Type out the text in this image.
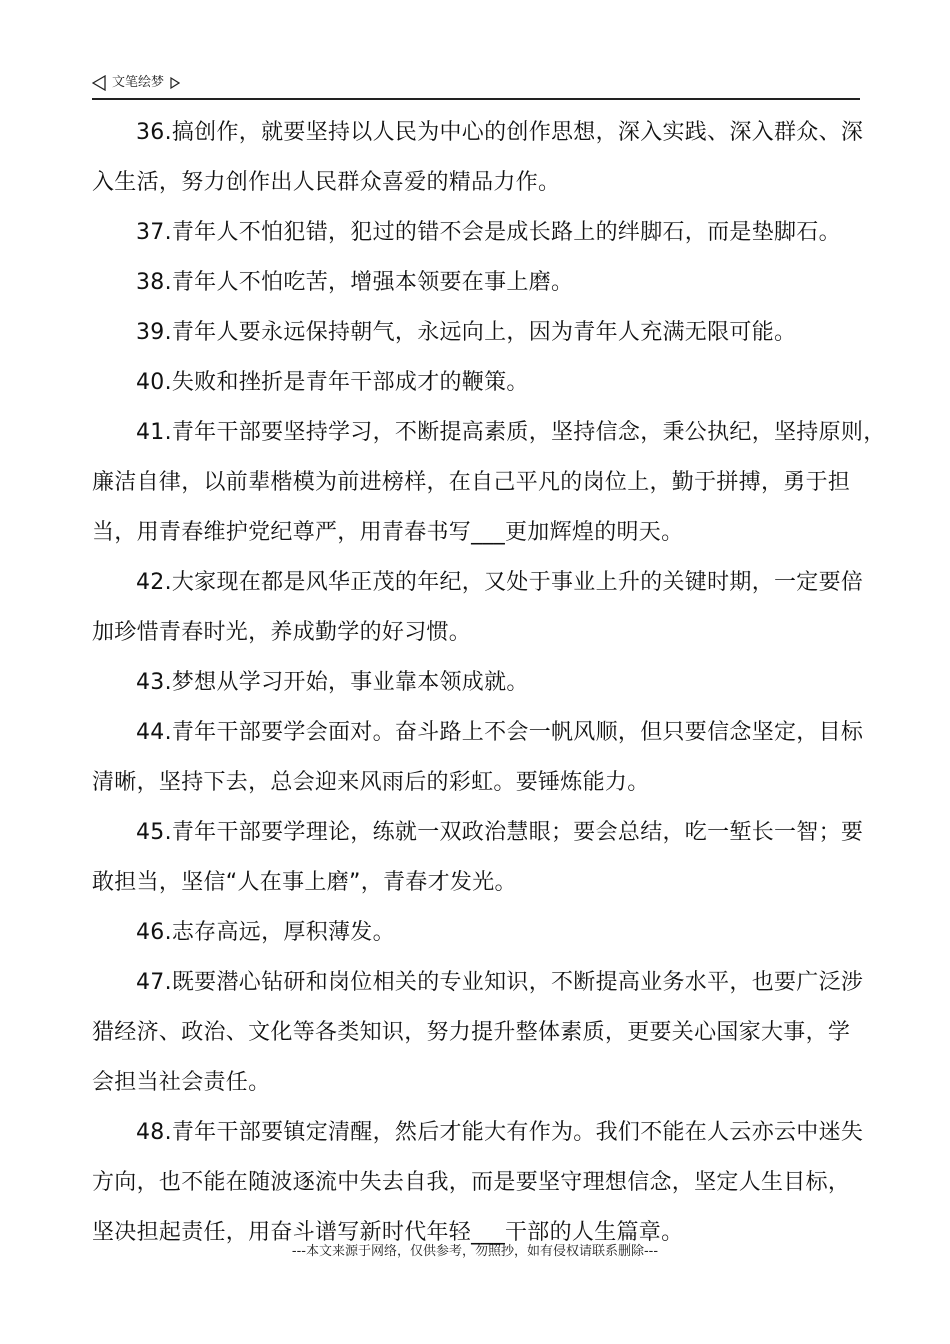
文笔绘梦
36.搞创作，就要坚持以人民为中心的创作思想，深入实践、深入群众、深
入生活，努力创作出人民群众喜爱的精品力作。
37.青年人不怕犯错，犯过的错不会是成长路上的绊脚石，而是垫脚石。
38.青年人不怕吃苦，增强本领要在事上磨。
39.青年人要永远保持朝气，永远向上，因为青年人充满无限可能。
40.失败和挫折是青年干部成才的鞭策。
41.青年干部要坚持学习，不断提高素质，坚持信念，秉公执纪，坚持原则，
廉洁自律，以前辈楷模为前进榜样，在自己平凡的岗位上，勤于拼搏，勇于担
当，用青春维护党纪尊严，用青春书写___更加辉煌的明天。
42.大家现在都是风华正茂的年纪，又处于事业上升的关键时期，一定要倍
加珍惜青春时光，养成勤学的好习惯。
43.梦想从学习开始，事业靠本领成就。
44.青年干部要学会面对。奋斗路上不会一帆风顺，但只要信念坚定，目标
清晰，坚持下去，总会迎来风雨后的彩虹。要锤炼能力。
45.青年干部要学理论，练就一双政治慧眼；要会总结，吃一堑长一智；要
敢担当，坚信“人在事上磨”，青春才发光。
46.志存高远，厚积薄发。
47.既要潜心钻研和岗位相关的专业知识，不断提高业务水平，也要广泛涉
猎经济、政治、文化等各类知识，努力提升整体素质，更要关心国家大事，学
会担当社会责任。
48.青年干部要镇定清醒，然后才能大有作为。我们不能在人云亦云中迷失
方向，也不能在随波逐流中失去自我，而是要坚守理想信念，坚定人生目标，
坚决担起责任，用奋斗谱写新时代年轻___干部的人生篇章。
---本文来源于网络，仅供参考，勿照抄，如有侵权请联系删除---
